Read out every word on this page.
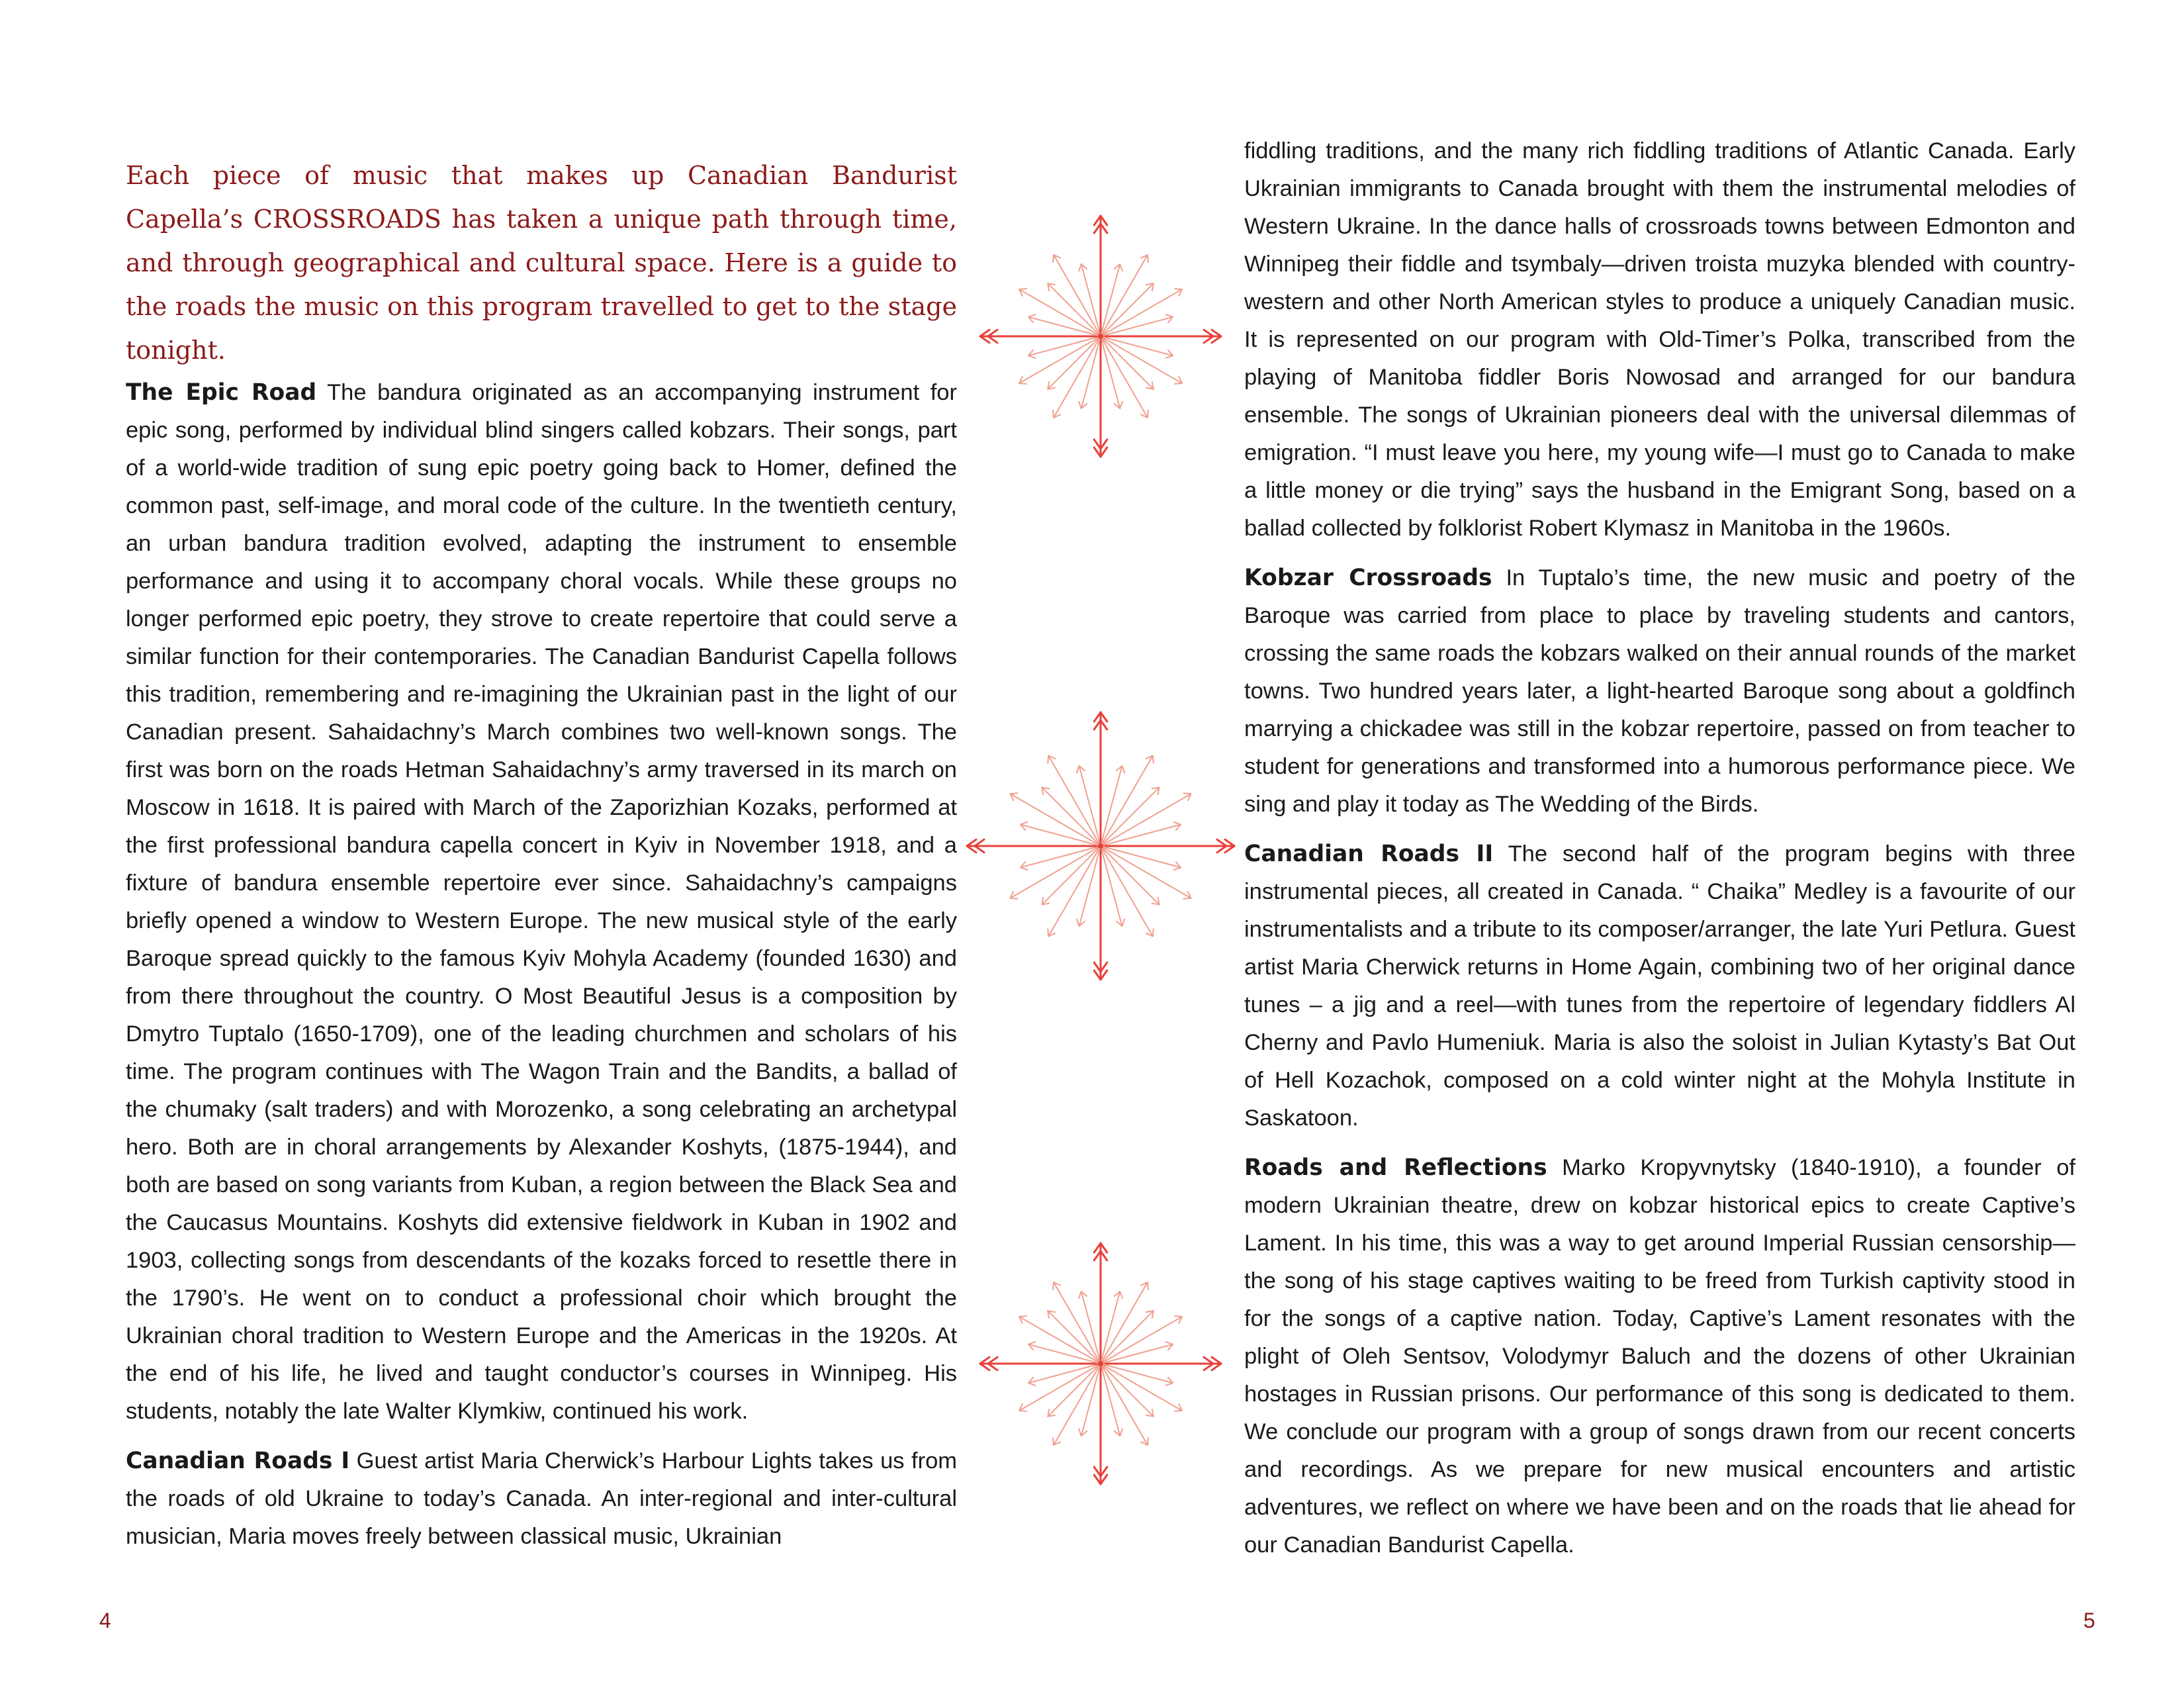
Each piece of music that makes up Canadian Bandurist Capella’s CROSSROADS has taken a unique path through time, and through geographical and cultural space. Here is a guide to the roads the music on this program travelled to get to the stage tonight.

The Epic Road The bandura originated as an accompanying instrument for epic song, performed by individual blind singers called kobzars. Their songs, part of a world-wide tradition of sung epic poetry going back to Homer, defined the common past, self-image, and moral code of the culture. In the twentieth century, an urban bandura tradition evolved, adapting the instrument to ensemble performance and using it to accompany choral vocals. While these groups no longer performed epic poetry, they strove to create repertoire that could serve a similar function for their contemporaries. The Canadian Bandurist Capella follows this tradition, remembering and re-imagining the Ukrainian past in the light of our Canadian present. Sahaidachny’s March combines two well-known songs. The first was born on the roads Hetman Sahaidachny’s army traversed in its march on Moscow in 1618. It is paired with March of the Zaporizhian Kozaks, performed at the first professional bandura capella concert in Kyiv in November 1918, and a fixture of bandura ensemble repertoire ever since. Sahaidachny’s campaigns briefly opened a window to Western Europe. The new musical style of the early Baroque spread quickly to the famous Kyiv Mohyla Academy (founded 1630) and from there throughout the country. O Most Beautiful Jesus is a composition by Dmytro Tuptalo (1650-1709), one of the leading churchmen and scholars of his time. The program continues with The Wagon Train and the Bandits, a ballad of the chumaky (salt traders) and with Morozenko, a song celebrating an archetypal hero. Both are in choral arrangements by Alexander Koshyts, (1875-1944), and both are based on song variants from Kuban, a region between the Black Sea and the Caucasus Mountains. Koshyts did extensive fieldwork in Kuban in 1902 and 1903, collecting songs from descendants of the kozaks forced to resettle there in the 1790’s. He went on to conduct a professional choir which brought the Ukrainian choral tradition to Western Europe and the Americas in the 1920s. At the end of his life, he lived and taught conductor’s courses in Winnipeg. His students, notably the late Walter Klymkiw, continued his work.

Canadian Roads I Guest artist Maria Cherwick’s Harbour Lights takes us from the roads of old Ukraine to today’s Canada. An inter-regional and inter-cultural musician, Maria moves freely between classical music, Ukrainian

fiddling traditions, and the many rich fiddling traditions of Atlantic Canada. Early Ukrainian immigrants to Canada brought with them the instrumental melodies of Western Ukraine. In the dance halls of crossroads towns between Edmonton and Winnipeg their fiddle and tsymbaly—driven troista muzyka blended with country-western and other North American styles to produce a uniquely Canadian music. It is represented on our program with Old-Timer’s Polka, transcribed from the playing of Manitoba fiddler Boris Nowosad and arranged for our bandura ensemble. The songs of Ukrainian pioneers deal with the universal dilemmas of emigration. “I must leave you here, my young wife—I must go to Canada to make a little money or die trying” says the husband in the Emigrant Song, based on a ballad collected by folklorist Robert Klymasz in Manitoba in the 1960s.

Kobzar Crossroads In Tuptalo’s time, the new music and poetry of the Baroque was carried from place to place by traveling students and cantors, crossing the same roads the kobzars walked on their annual rounds of the market towns. Two hundred years later, a light-hearted Baroque song about a goldfinch marrying a chickadee was still in the kobzar repertoire, passed on from teacher to student for generations and transformed into a humorous performance piece. We sing and play it today as The Wedding of the Birds.

Canadian Roads II The second half of the program begins with three instrumental pieces, all created in Canada. “ Chaika” Medley is a favourite of our instrumentalists and a tribute to its composer/arranger, the late Yuri Petlura. Guest artist Maria Cherwick returns in Home Again, combining two of her original dance tunes – a jig and a reel—with tunes from the repertoire of legendary fiddlers Al Cherny and Pavlo Humeniuk. Maria is also the soloist in Julian Kytasty’s Bat Out of Hell Kozachok, composed on a cold winter night at the Mohyla Institute in Saskatoon.

Roads and Reflections Marko Kropyvnytsky (1840-1910), a founder of modern Ukrainian theatre, drew on kobzar historical epics to create Captive’s Lament. In his time, this was a way to get around Imperial Russian censorship—the song of his stage captives waiting to be freed from Turkish captivity stood in for the songs of a captive nation. Today, Captive’s Lament resonates with the plight of Oleh Sentsov, Volodymyr Baluch and the dozens of other Ukrainian hostages in Russian prisons. Our performance of this song is dedicated to them. We conclude our program with a group of songs drawn from our recent concerts and recordings. As we prepare for new musical encounters and artistic adventures, we reflect on where we have been and on the roads that lie ahead for our Canadian Bandurist Capella.

4	5
